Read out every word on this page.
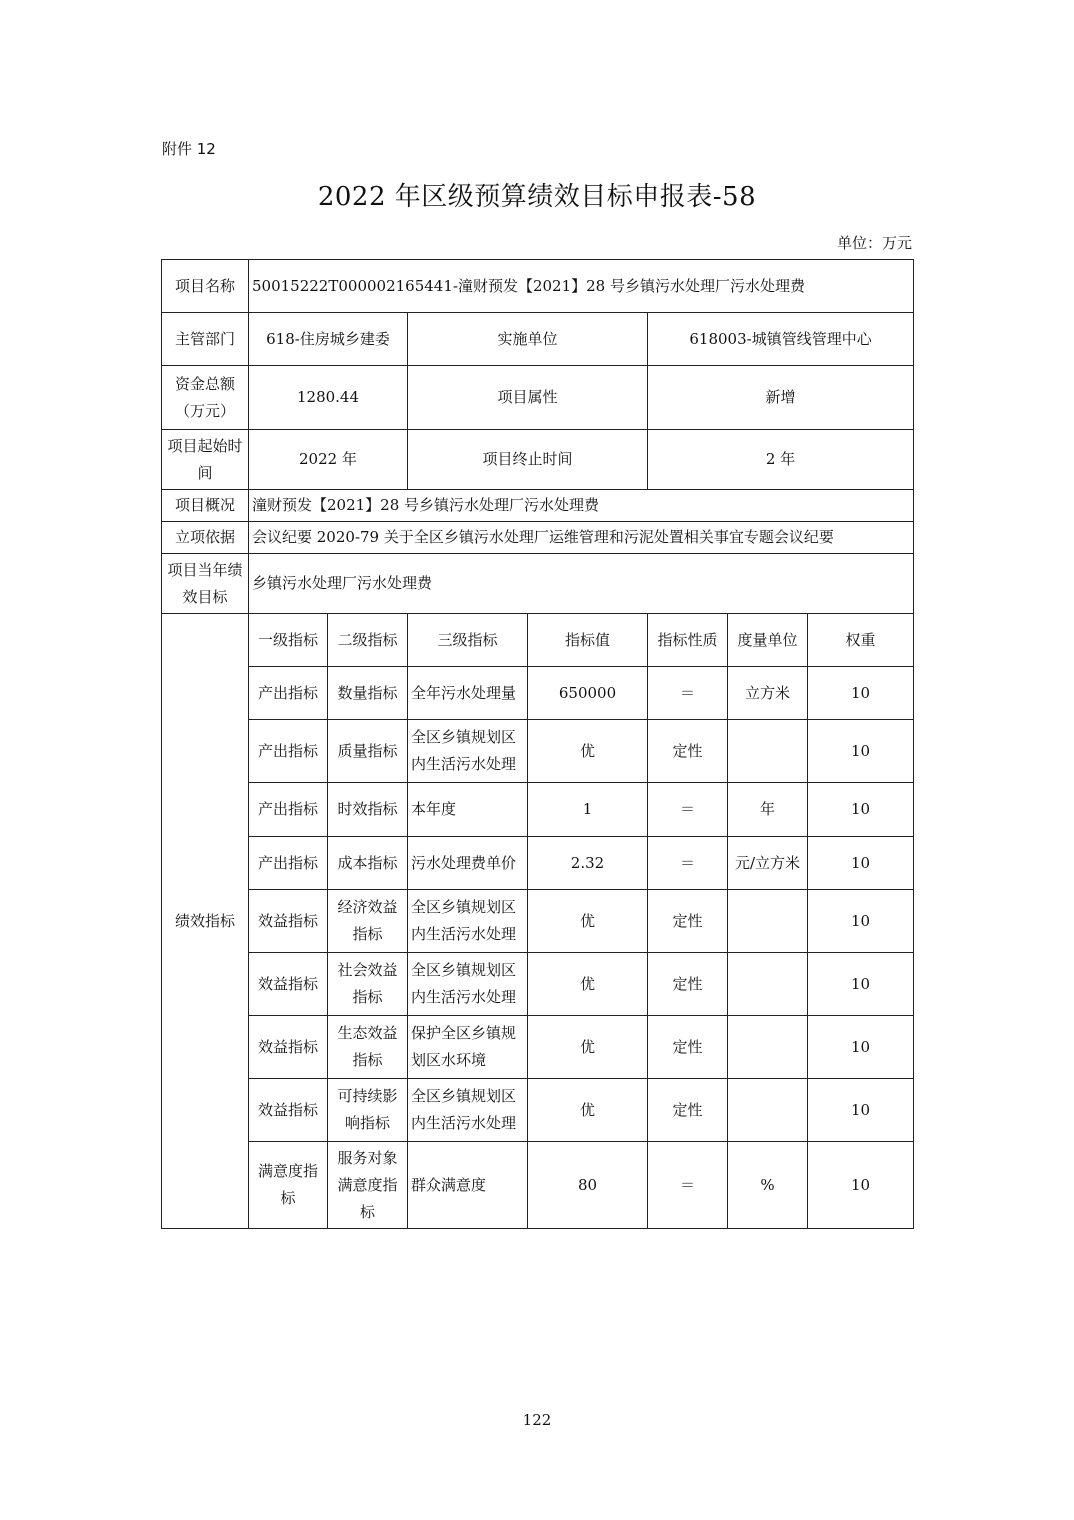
附件 12
2022 年区级预算绩效目标申报表-58
单位：万元
项目名称	50015222T000002165441-潼财预发【2021】28 号乡镇污水处理厂污水处理费						
主管部门	618-住房城乡建委		实施单位		618003-城镇管线管理中心		
资金总额（万元）	1280.44		项目属性		新增		
项目起始时间	2022 年		项目终止时间		2 年		
项目概况	潼财预发【2021】28 号乡镇污水处理厂污水处理费						
立项依据	会议纪要 2020-79 关于全区乡镇污水处理厂运维管理和污泥处置相关事宜专题会议纪要						
项目当年绩效目标	乡镇污水处理厂污水处理费						
绩效指标	一级指标	二级指标	三级指标	指标值	指标性质	度量单位	权重
	产出指标	数量指标	全年污水处理量	650000	＝	立方米	10
	产出指标	质量指标	全区乡镇规划区内生活污水处理	优	定性		10
	产出指标	时效指标	本年度	1	＝	年	10
	产出指标	成本指标	污水处理费单价	2.32	＝	元/立方米	10
	效益指标	经济效益指标	全区乡镇规划区内生活污水处理	优	定性		10
	效益指标	社会效益指标	全区乡镇规划区内生活污水处理	优	定性		10
	效益指标	生态效益指标	保护全区乡镇规划区水环境	优	定性		10
	效益指标	可持续影响指标	全区乡镇规划区内生活污水处理	优	定性		10
	满意度指标	服务对象满意度指标	群众满意度	80	＝	%	10
122
